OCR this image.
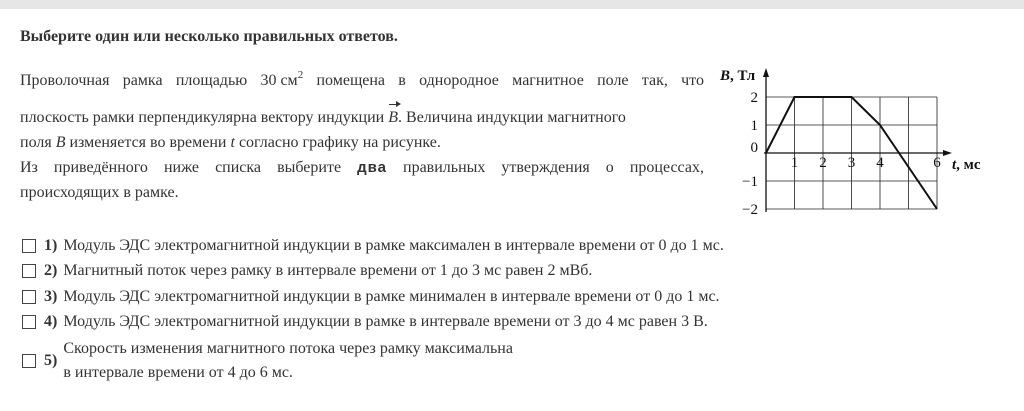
Выберите один или несколько правильных ответов.
Проволочная рамка площадью 30 $см^2$ помещена в однородное магнитное поле так, что
плоскость рамки перпендикулярна вектору индукции B. Величина индукции магнитного
поля B изменяется во времени t согласно графику на рисунке.
Из приведённого ниже списка выберите два правильных утверждения о процессах,
происходящих в рамке.
B, Тл
t, мс
2
1
0
−1
−2
1 2 3 4	6
1) Модуль ЭДС электромагнитной индукции в рамке максимален в интервале времени от 0 до 1 мс.
2) Магнитный поток через рамку в интервале времени от 1 до 3 мс равен 2 мВб.
3) Модуль ЭДС электромагнитной индукции в рамке минимален в интервале времени от 0 до 1 мс.
4) Модуль ЭДС электромагнитной индукции в рамке в интервале времени от 3 до 4 мс равен 3 В.
5)
Скорость изменения магнитного потока через рамку максимальна
в интервале времени от 4 до 6 мс.
